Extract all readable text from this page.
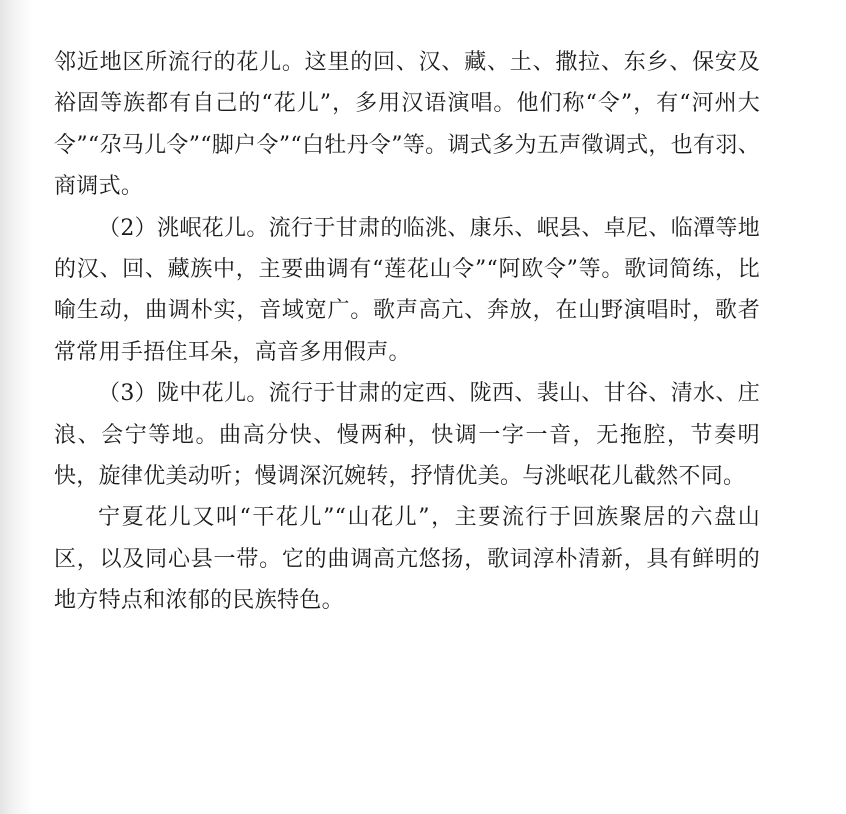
邻近地区所流行的花儿。这里的回、汉、藏、土、撒拉、东乡、保安及裕固等族都有自己的“花儿”，多用汉语演唱。他们称“令”，有“河州大令”“尕马儿令”“脚户令”“白牡丹令”等。调式多为五声徵调式，也有羽、商调式。

（2）洮岷花儿。流行于甘肃的临洮、康乐、岷县、卓尼、临潭等地的汉、回、藏族中，主要曲调有“莲花山令”“阿欧令”等。歌词简练，比喻生动，曲调朴实，音域宽广。歌声高亢、奔放，在山野演唱时，歌者常常用手捂住耳朵，高音多用假声。

（3）陇中花儿。流行于甘肃的定西、陇西、裴山、甘谷、清水、庄浪、会宁等地。曲高分快、慢两种，快调一字一音，无拖腔，节奏明快，旋律优美动听；慢调深沉婉转，抒情优美。与洮岷花儿截然不同。

宁夏花儿又叫“干花儿”“山花儿”，主要流行于回族聚居的六盘山区，以及同心县一带。它的曲调高亢悠扬，歌词淳朴清新，具有鲜明的地方特点和浓郁的民族特色。
